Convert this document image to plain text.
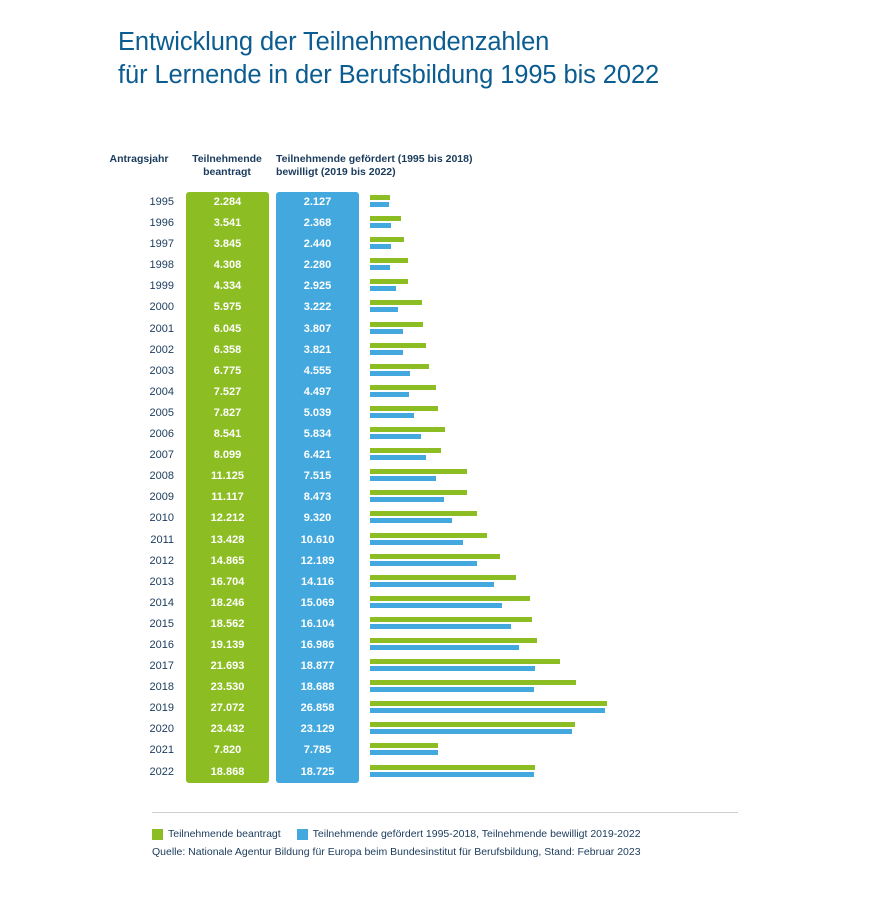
Entwicklung der Teilnehmendenzahlen
für Lernende in der Berufsbildung 1995 bis 2022
Antragsjahr	Teilnehmende
beantragt
Teilnehmende gefördert (1995 bis 2018)
bewilligt (2019 bis 2022)
1995	2.284	2.127
1996	3.541	2.368
1997	3.845	2.440
1998	4.308	2.280
1999	4.334	2.925
2000	5.975	3.222
2001	6.045	3.807
2002	6.358	3.821
2003	6.775	4.555
2004	7.527	4.497
2005	7.827	5.039
2006	8.541	5.834
2007	8.099	6.421
2008	11.125	7.515
2009	11.117	8.473
2010	12.212	9.320
2011	13.428	10.610
2012	14.865	12.189
2013	16.704	14.116
2014	18.246	15.069
2015	18.562	16.104
2016	19.139	16.986
2017	21.693	18.877
2018	23.530	18.688
2019	27.072	26.858
2020	23.432	23.129
2021	7.820	7.785
2022	18.868	18.725
Teilnehmende beantragt	Teilnehmende gefördert 1995-2018, Teilnehmende bewilligt 2019-2022
Quelle: Nationale Agentur Bildung für Europa beim Bundesinstitut für Berufsbildung, Stand: Februar 2023
